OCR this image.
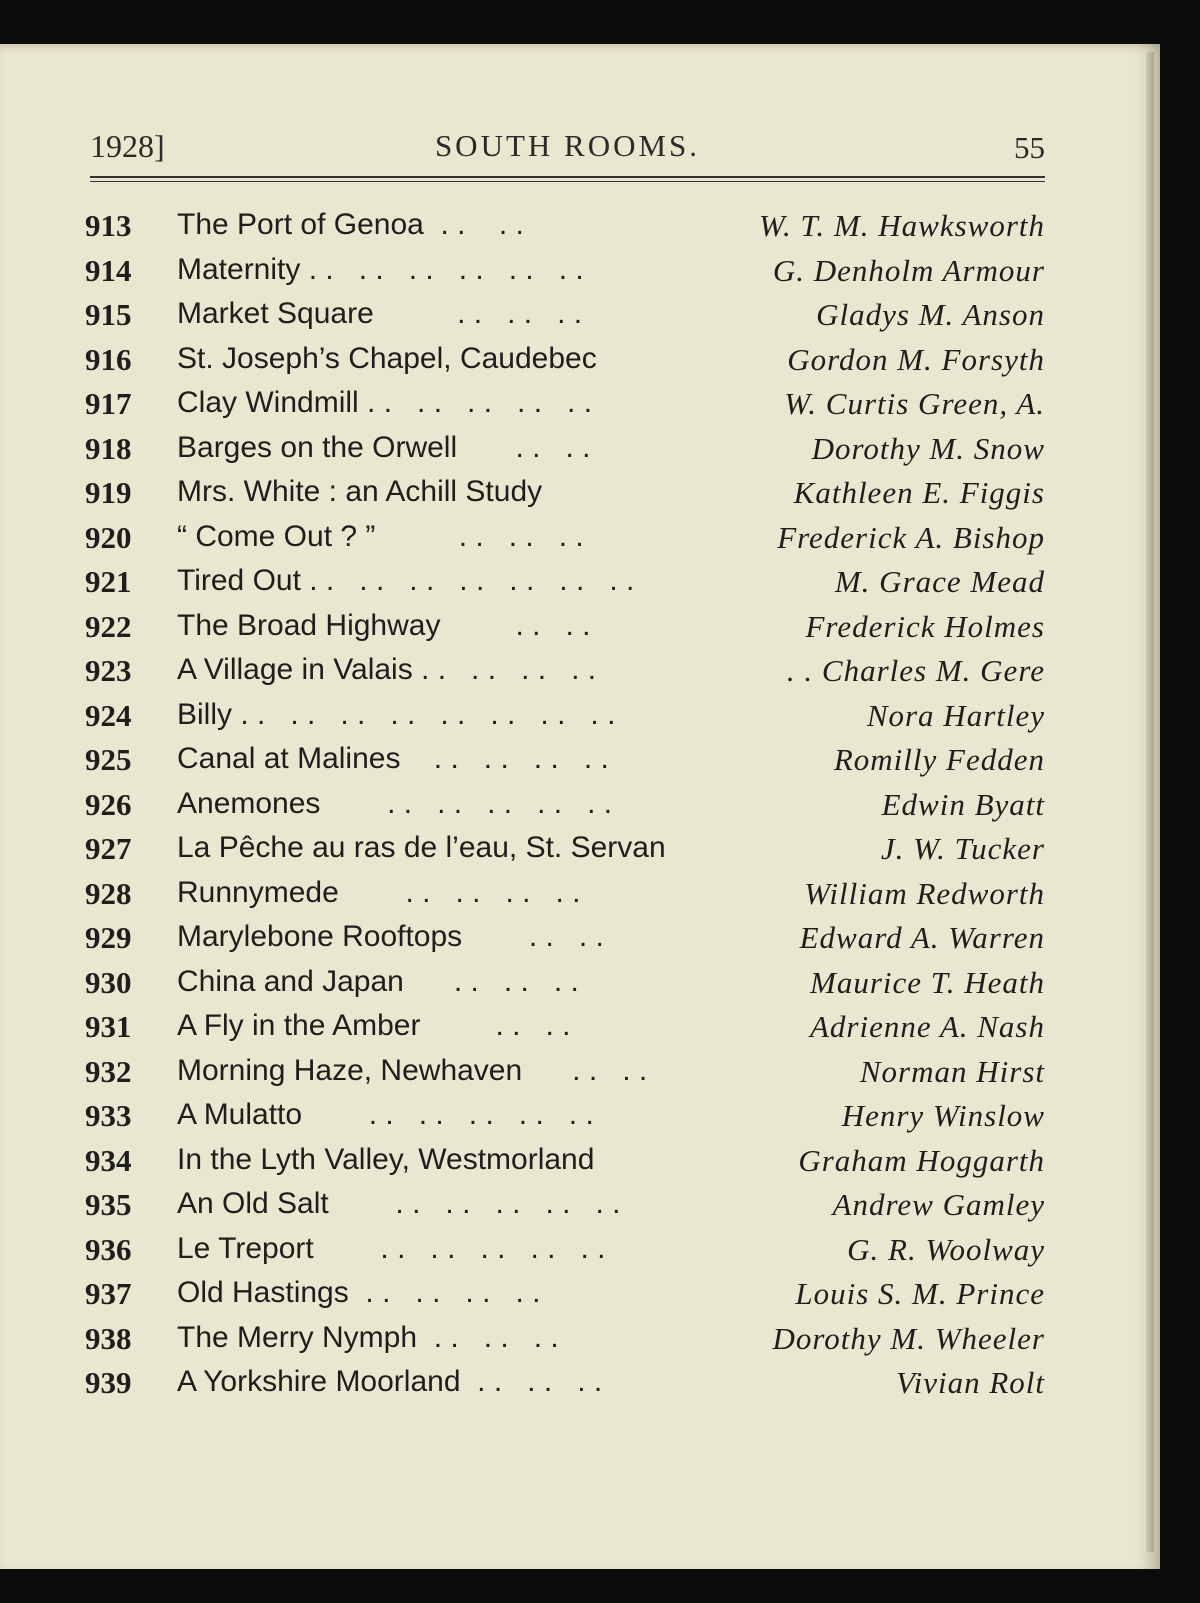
1928]	SOUTH ROOMS.	55
913 The Port of Genoa  . .    . .	W. T. M. Hawksworth
914 Maternity . .   . .   . .   . .   . .   . .	G. Denholm Armour
915 Market Square          . .   . .   . .	Gladys M. Anson
916 St. Joseph’s Chapel, Caudebec	Gordon M. Forsyth
917 Clay Windmill . .   . .   . .   . .   . .	W. Curtis Green, A.
918 Barges on the Orwell       . .   . .	Dorothy M. Snow
919 Mrs. White : an Achill Study	Kathleen E. Figgis
920 “ Come Out ? ”          . .   . .   . .	Frederick A. Bishop
921 Tired Out . .   . .   . .   . .   . .   . .   . .	M. Grace Mead
922 The Broad Highway         . .   . .	Frederick Holmes
923 A Village in Valais . .   . .   . .   . .	. . Charles M. Gere
924 Billy . .   . .   . .   . .   . .   . .   . .   . .	Nora Hartley
925 Canal at Malines    . .   . .   . .   . .	Romilly Fedden
926 Anemones        . .   . .   . .   . .   . .	Edwin Byatt
927 La Pêche au ras de l’eau, St. Servan	J. W. Tucker
928 Runnymede        . .   . .   . .   . .	William Redworth
929 Marylebone Rooftops        . .   . .	Edward A. Warren
930 China and Japan      . .   . .   . .	Maurice T. Heath
931 A Fly in the Amber         . .   . .	Adrienne A. Nash
932 Morning Haze, Newhaven      . .   . .	Norman Hirst
933 A Mulatto        . .   . .   . .   . .   . .	Henry Winslow
934 In the Lyth Valley, Westmorland	Graham Hoggarth
935 An Old Salt        . .   . .   . .   . .   . .	Andrew Gamley
936 Le Treport        . .   . .   . .   . .   . .	G. R. Woolway
937 Old Hastings  . .   . .   . .   . .	Louis S. M. Prince
938 The Merry Nymph  . .   . .   . .	Dorothy M. Wheeler
939 A Yorkshire Moorland  . .   . .   . .	Vivian Rolt
